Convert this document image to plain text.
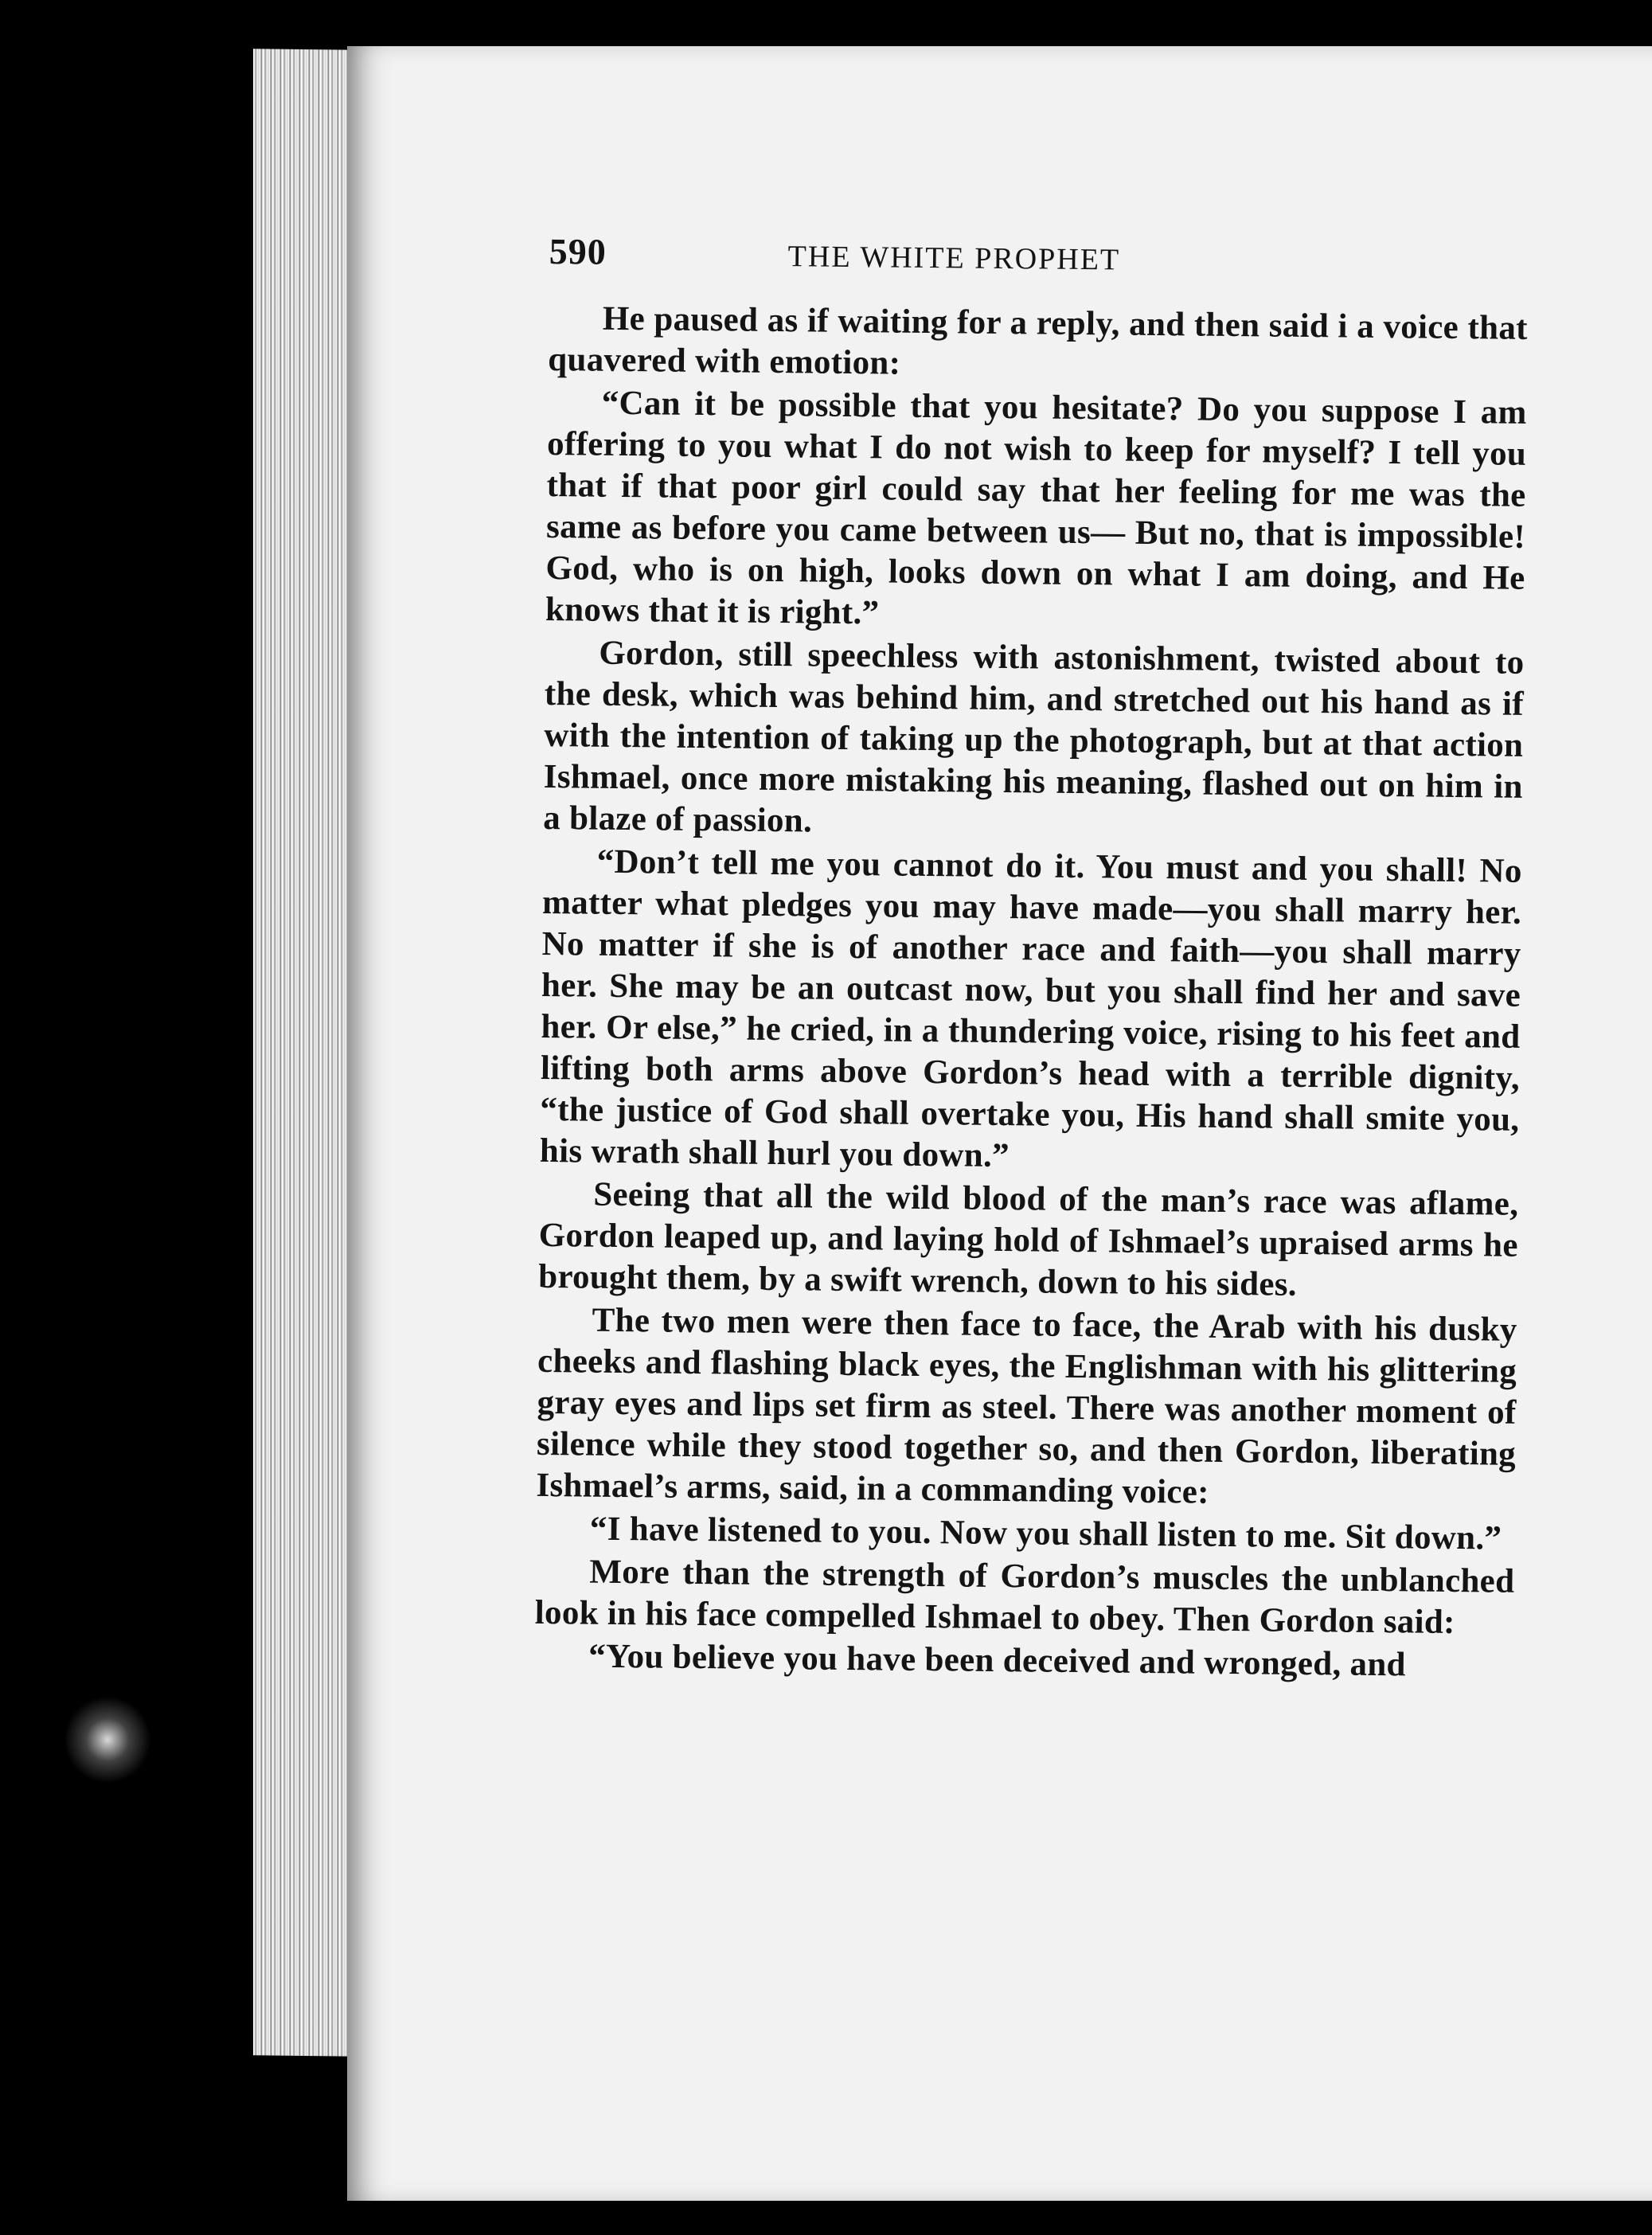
590	THE WHITE PROPHET

He paused as if waiting for a reply, and then said i a voice that quavered with emotion:

“Can it be possible that you hesitate? Do you suppose I am offering to you what I do not wish to keep for myself? I tell you that if that poor girl could say that her feeling for me was the same as before you came between us— But no, that is impossible! God, who is on high, looks down on what I am doing, and He knows that it is right.”

Gordon, still speechless with astonishment, twisted about to the desk, which was behind him, and stretched out his hand as if with the intention of taking up the photograph, but at that action Ishmael, once more mistaking his meaning, flashed out on him in a blaze of passion.

“Don’t tell me you cannot do it. You must and you shall! No matter what pledges you may have made—you shall marry her. No matter if she is of another race and faith—you shall marry her. She may be an outcast now, but you shall find her and save her. Or else,” he cried, in a thundering voice, rising to his feet and lifting both arms above Gordon’s head with a terrible dignity, “the justice of God shall overtake you, His hand shall smite you, his wrath shall hurl you down.”

Seeing that all the wild blood of the man’s race was aflame, Gordon leaped up, and laying hold of Ishmael’s upraised arms he brought them, by a swift wrench, down to his sides.

The two men were then face to face, the Arab with his dusky cheeks and flashing black eyes, the Englishman with his glittering gray eyes and lips set firm as steel. There was another moment of silence while they stood together so, and then Gordon, liberating Ishmael’s arms, said, in a commanding voice:

“I have listened to you. Now you shall listen to me. Sit down.”

More than the strength of Gordon’s muscles the unblanched look in his face compelled Ishmael to obey. Then Gordon said:

“You believe you have been deceived and wronged, and
